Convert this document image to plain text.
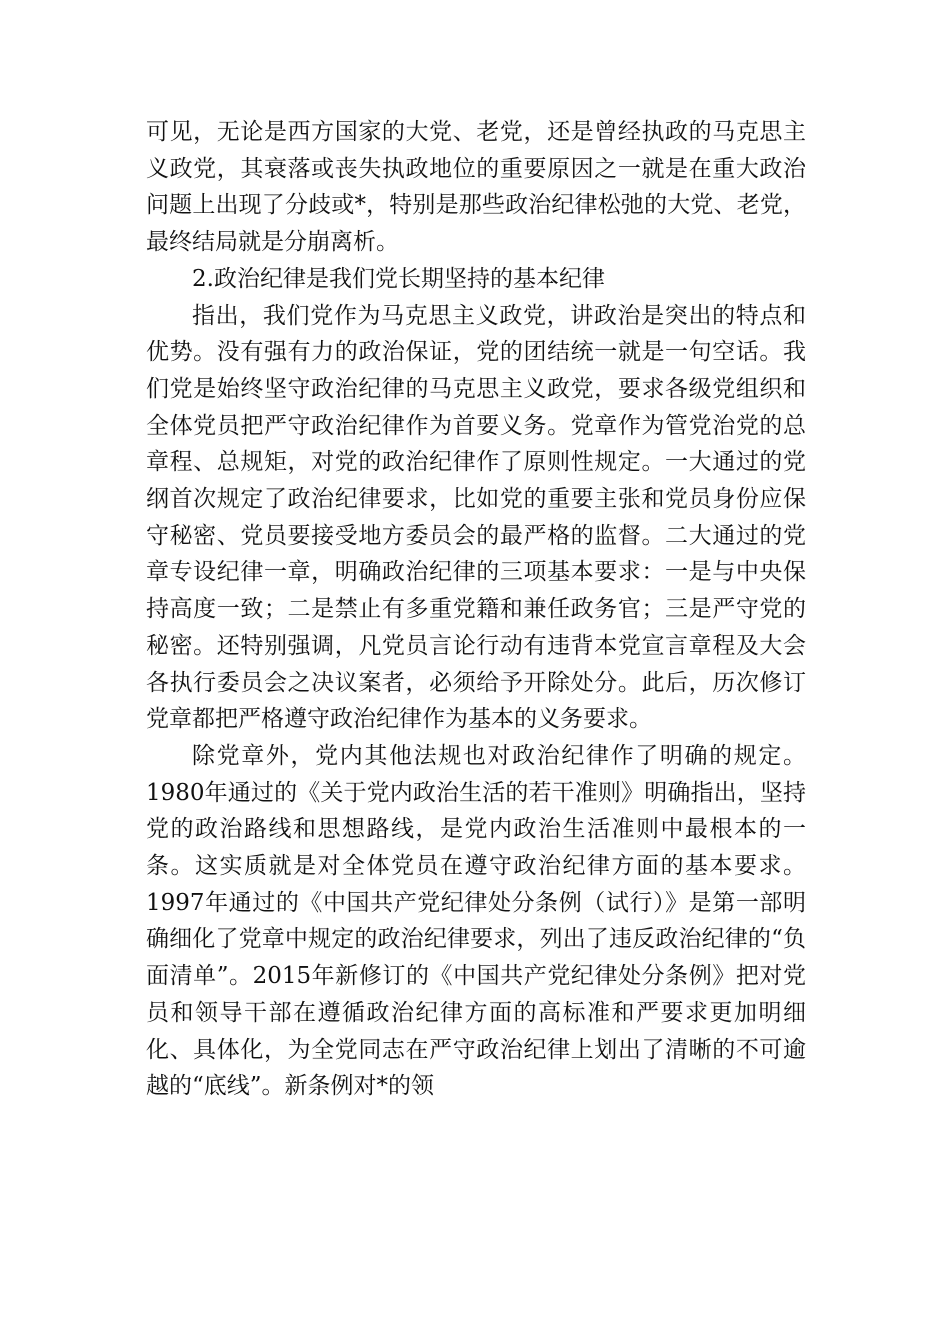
可见，无论是西方国家的大党、老党，还是曾经执政的马克思主义政党，其衰落或丧失执政地位的重要原因之一就是在重大政治问题上出现了分歧或*，特别是那些政治纪律松弛的大党、老党，最终结局就是分崩离析。

2.政治纪律是我们党长期坚持的基本纪律

指出，我们党作为马克思主义政党，讲政治是突出的特点和优势。没有强有力的政治保证，党的团结统一就是一句空话。我们党是始终坚守政治纪律的马克思主义政党，要求各级党组织和全体党员把严守政治纪律作为首要义务。党章作为管党治党的总章程、总规矩，对党的政治纪律作了原则性规定。一大通过的党纲首次规定了政治纪律要求，比如党的重要主张和党员身份应保守秘密、党员要接受地方委员会的最严格的监督。二大通过的党章专设纪律一章，明确政治纪律的三项基本要求：一是与中央保持高度一致；二是禁止有多重党籍和兼任政务官；三是严守党的秘密。还特别强调，凡党员言论行动有违背本党宣言章程及大会各执行委员会之决议案者，必须给予开除处分。此后，历次修订党章都把严格遵守政治纪律作为基本的义务要求。

除党章外，党内其他法规也对政治纪律作了明确的规定。1980年通过的《关于党内政治生活的若干准则》明确指出，坚持党的政治路线和思想路线，是党内政治生活准则中最根本的一条。这实质就是对全体党员在遵守政治纪律方面的基本要求。1997年通过的《中国共产党纪律处分条例（试行）》是第一部明确细化了党章中规定的政治纪律要求，列出了违反政治纪律的“负面清单”。2015年新修订的《中国共产党纪律处分条例》把对党员和领导干部在遵循政治纪律方面的高标准和严要求更加明细化、具体化，为全党同志在严守政治纪律上划出了清晰的不可逾越的“底线”。新条例对*的领
